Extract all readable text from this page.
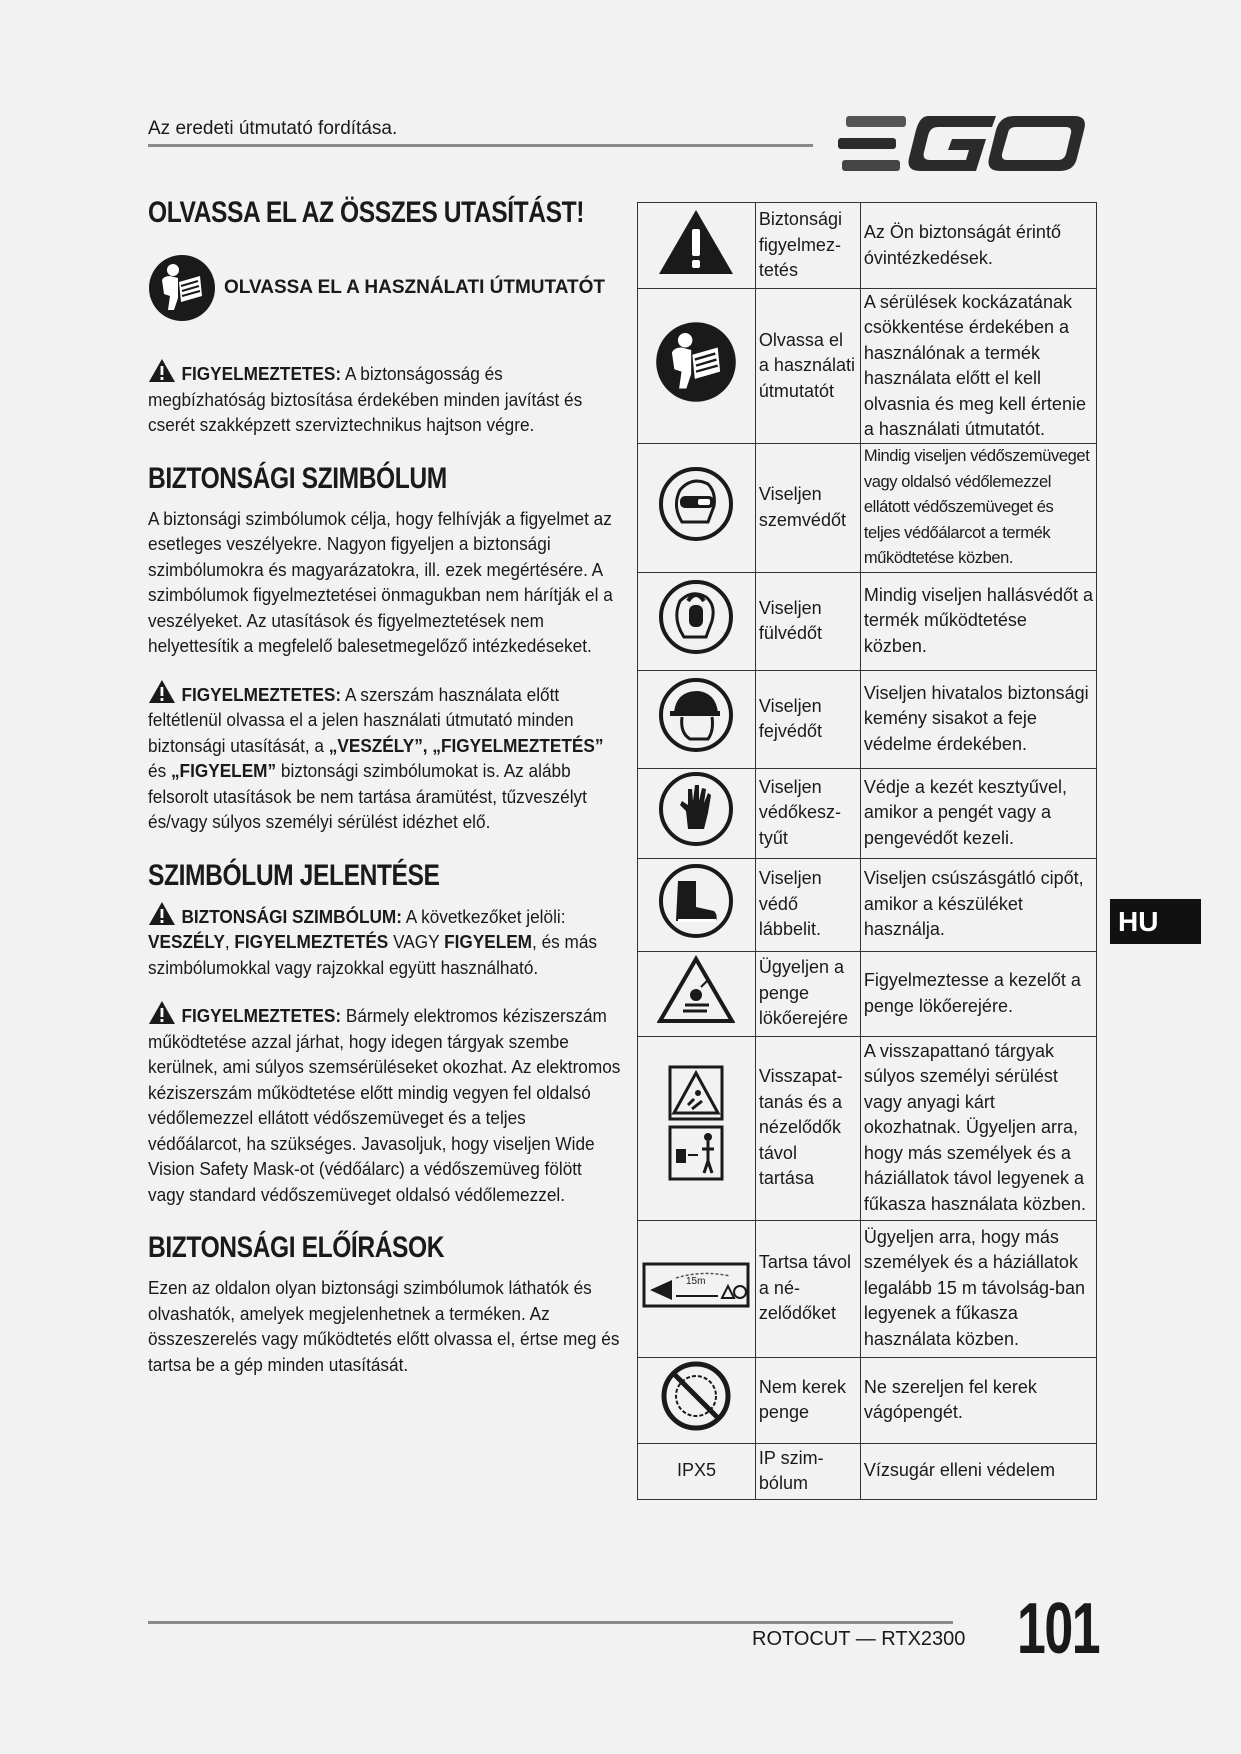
Az eredeti útmutató fordítása.
OLVASSA EL AZ ÖSSZES UTASÍTÁST!
OLVASSA EL A HASZNÁLATI ÚTMUTATÓT

FIGYELMEZTETES: A biztonságosság és megbízhatóság biztosítása érdekében minden javítást és cserét szakképzett szerviztechnikus hajtson végre.

BIZTONSÁGI SZIMBÓLUM

A biztonsági szimbólumok célja, hogy felhívják a figyelmet az esetleges veszélyekre. Nagyon figyeljen a biztonsági szimbólumokra és magyarázatokra, ill. ezek megértésére. A szimbólumok figyelmeztetései önmagukban nem hárítják el a veszélyeket. Az utasítások és figyelmeztetések nem helyettesítik a megfelelő balesetmegelőző intézkedéseket.

FIGYELMEZTETES: A szerszám használata előtt feltétlenül olvassa el a jelen használati útmutató minden biztonsági utasítását, a „VESZÉLY”, „FIGYELMEZTETÉS” és „FIGYELEM” biztonsági szimbólumokat is. Az alább felsorolt utasítások be nem tartása áramütést, tűzveszélyt és/vagy súlyos személyi sérülést idézhet elő.

SZIMBÓLUM JELENTÉSE

BIZTONSÁGI SZIMBÓLUM: A következőket jelöli: VESZÉLY, FIGYELMEZTETÉS VAGY FIGYELEM, és más szimbólumokkal vagy rajzokkal együtt használható.

FIGYELMEZTETES: Bármely elektromos kéziszerszám működtetése azzal járhat, hogy idegen tárgyak szembe kerülnek, ami súlyos szemsérüléseket okozhat. Az elektromos kéziszerszám működtetése előtt mindig vegyen fel oldalsó védőlemezzel ellátott védőszemüveget és a teljes védőálarcot, ha szükséges. Javasoljuk, hogy viseljen Wide Vision Safety Mask-ot (védőálarc) a védőszemüveg fölött vagy standard védőszemüveget oldalsó védőlemezzel.

BIZTONSÁGI ELŐÍRÁSOK

Ezen az oldalon olyan biztonsági szimbólumok láthatók és olvashatók, amelyek megjelenhetnek a terméken. Az összeszerelés vagy működtetés előtt olvassa el, értse meg és tartsa be a gép minden utasítását.

	Biztonsági figyelmez-tetés	Az Ön biztonságát érintő óvintézkedések.
	Olvassa el a használati útmutatót	A sérülések kockázatának csökkentése érdekében a használónak a termék használata előtt el kell olvasnia és meg kell értenie a használati útmutatót.
	Viseljen szemvédőt	Mindig viseljen védőszemüveget vagy oldalsó védőlemezzel ellátott védőszemüveget és teljes védőálarcot a termék működtetése közben.
	Viseljen fülvédőt	Mindig viseljen hallásvédőt a termék működtetése közben.
	Viseljen fejvédőt	Viseljen hivatalos biztonsági kemény sisakot a feje védelme érdekében.
	Viseljen védőkesz-tyűt	Védje a kezét kesztyűvel, amikor a pengét vagy a pengevédőt kezeli.
	Viseljen védő lábbelit.	Viseljen csúszásgátló cipőt, amikor a készüléket használja.
	Ügyeljen a penge lökőerejére	Figyelmeztesse a kezelőt a penge lökőerejére.
	Visszapat-tanás és a nézelődők távol tartása	A visszapattanó tárgyak súlyos személyi sérülést vagy anyagi kárt okozhatnak. Ügyeljen arra, hogy más személyek és a háziállatok távol legyenek a fűkasza használata közben.

15m	Tartsa távol a né-zelődőket	Ügyeljen arra, hogy más személyek és a háziállatok legalább 15 m távolság-ban legyenek a fűkasza használata közben.
	Nem kerek penge	Ne szereljen fel kerek vágópengét.
IPX5	IP szim-bólum	Vízsugár elleni védelem
HU
ROTOCUT — RTX2300 101
